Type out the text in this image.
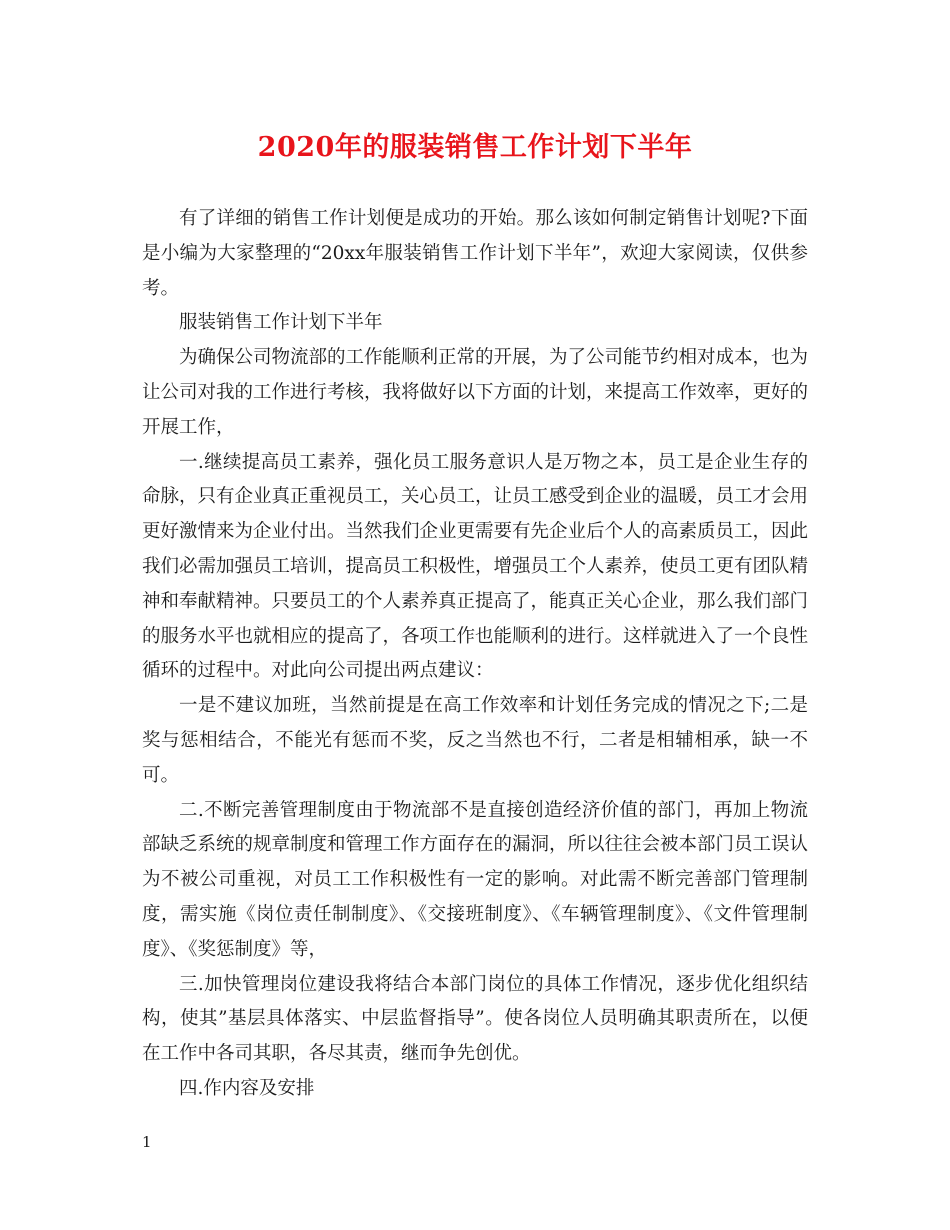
2020年的服装销售工作计划下半年

有了详细的销售工作计划便是成功的开始。那么该如何制定销售计划呢?下面是小编为大家整理的“20xx年服装销售工作计划下半年”，欢迎大家阅读，仅供参考。

服装销售工作计划下半年

为确保公司物流部的工作能顺利正常的开展，为了公司能节约相对成本，也为让公司对我的工作进行考核，我将做好以下方面的计划，来提高工作效率，更好的开展工作，

一.继续提高员工素养，强化员工服务意识人是万物之本，员工是企业生存的命脉，只有企业真正重视员工，关心员工，让员工感受到企业的温暖，员工才会用更好激情来为企业付出。当然我们企业更需要有先企业后个人的高素质员工，因此我们必需加强员工培训，提高员工积极性，增强员工个人素养，使员工更有团队精神和奉献精神。只要员工的个人素养真正提高了，能真正关心企业，那么我们部门的服务水平也就相应的提高了，各项工作也能顺利的进行。这样就进入了一个良性循环的过程中。对此向公司提出两点建议：

一是不建议加班，当然前提是在高工作效率和计划任务完成的情况之下;二是奖与惩相结合，不能光有惩而不奖，反之当然也不行，二者是相辅相承，缺一不可。

二.不断完善管理制度由于物流部不是直接创造经济价值的部门，再加上物流部缺乏系统的规章制度和管理工作方面存在的漏洞，所以往往会被本部门员工误认为不被公司重视，对员工工作积极性有一定的影响。对此需不断完善部门管理制度，需实施《岗位责任制制度》、《交接班制度》、《车辆管理制度》、《文件管理制度》、《奖惩制度》等，

三.加快管理岗位建设我将结合本部门岗位的具体工作情况，逐步优化组织结构，使其”基层具体落实、中层监督指导”。使各岗位人员明确其职责所在，以便在工作中各司其职，各尽其责，继而争先创优。

四.作内容及安排

1
